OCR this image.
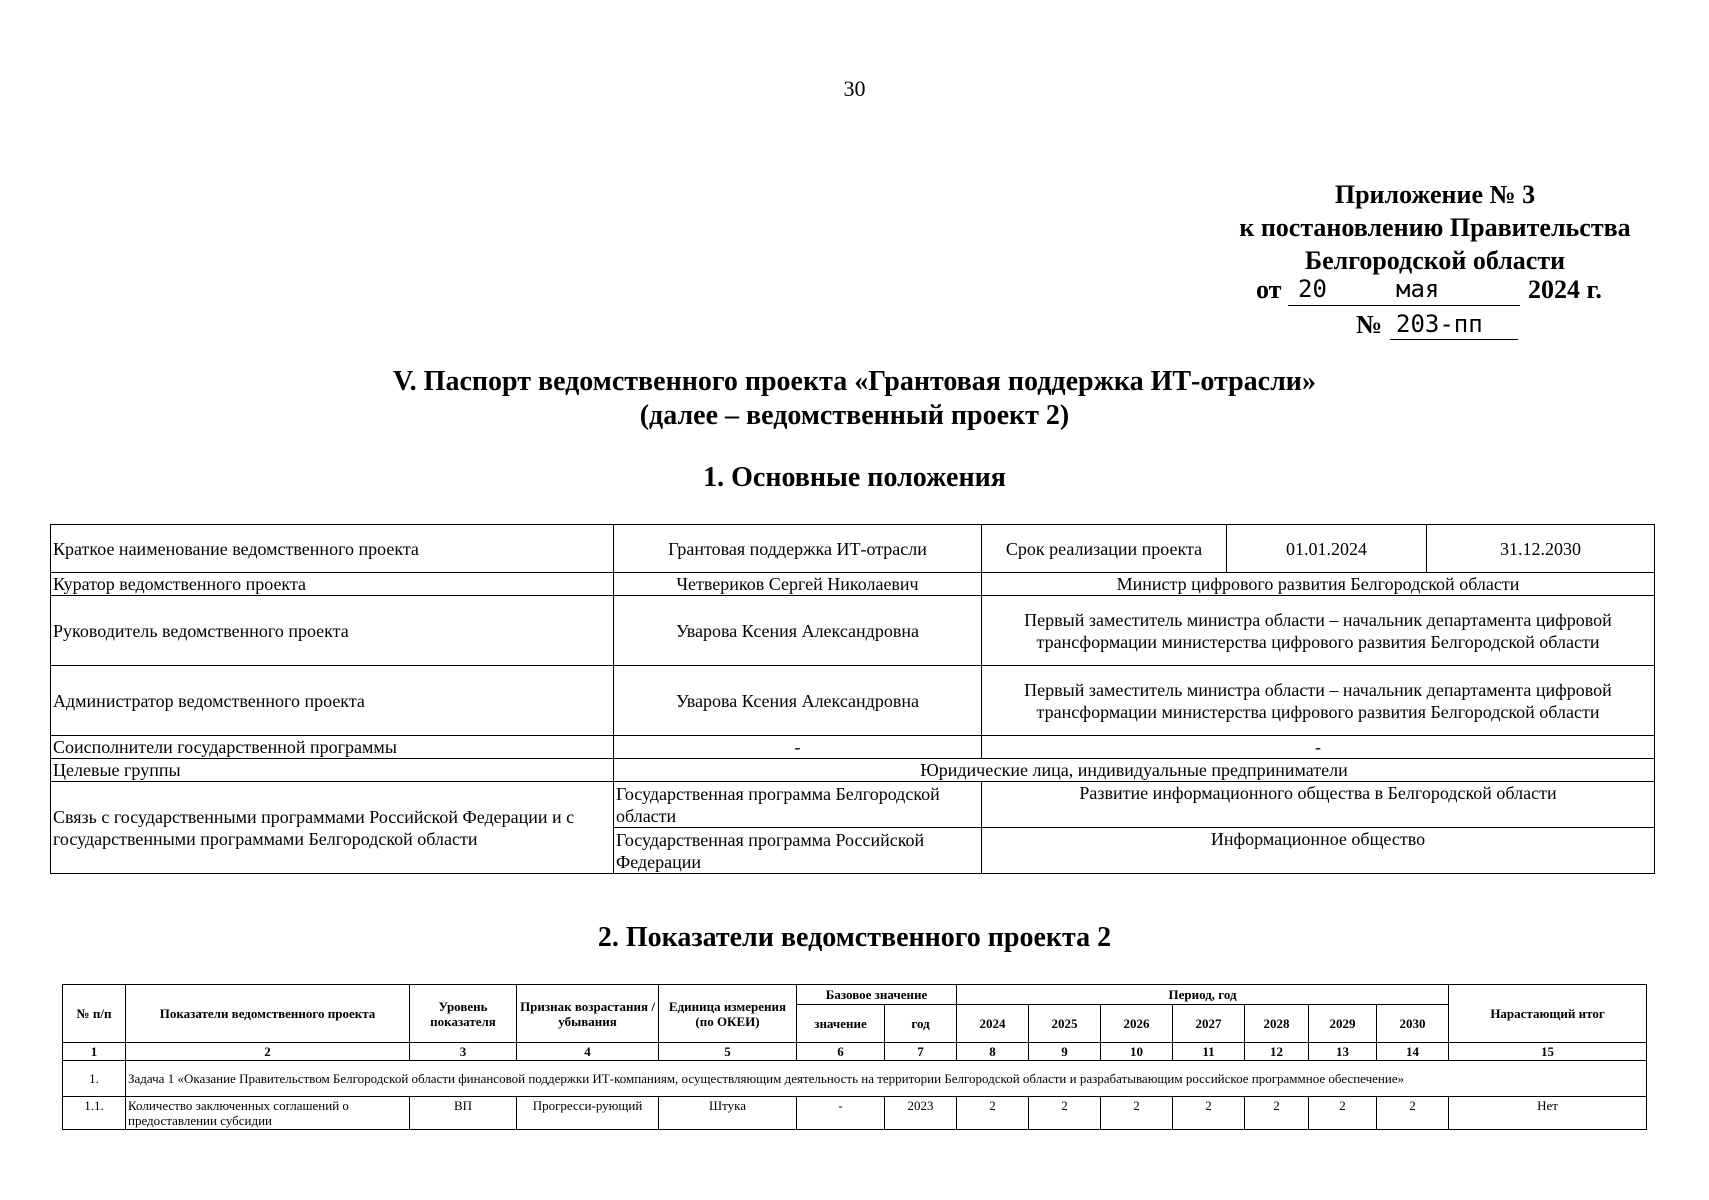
30
Приложение № 3
к постановлению Правительства
Белгородской области
от 20	мая	2024 г.
№ 203-пп
V. Паспорт ведомственного проекта «Грантовая поддержка ИТ-отрасли»
(далее – ведомственный проект 2)
1. Основные положения
Краткое наименование ведомственного проекта	Грантовая поддержка ИТ-отрасли	Срок реализации проекта	01.01.2024	31.12.2030
Куратор ведомственного проекта	Четвериков Сергей Николаевич	Министр цифрового развития Белгородской области		
Руководитель ведомственного проекта	Уварова Ксения Александровна	Первый заместитель министра области – начальник департамента цифровой трансформации министерства цифрового развития Белгородской области		
Администратор ведомственного проекта	Уварова Ксения Александровна	Первый заместитель министра области – начальник департамента цифровой трансформации министерства цифрового развития Белгородской области		
Соисполнители государственной программы	-	-		
Целевые группы	Юридические лица, индивидуальные предприниматели			
Связь с государственными программами Российской Федерации и с государственными программами Белгородской области	Государственная программа Белгородской области	Развитие информационного общества в Белгородской области		
	Государственная программа Российской Федерации	Информационное общество		
2. Показатели ведомственного проекта 2
№ п/п	Показатели ведомственного проекта	Уровень показателя	Признак возрастания / убывания	Единица измерения (по ОКЕИ)	Базовое значение		Период, год							Нарастающий итог
					значение	год	2024	2025	2026	2027	2028	2029	2030	
1	2	3	4	5	6	7	8	9	10	11	12	13	14	15
1.	Задача 1 «Оказание Правительством Белгородской области финансовой поддержки ИТ-компаниям, осуществляющим деятельность на территории Белгородской области и разрабатывающим российское программное обеспечение»													
1.1.	Количество заключенных соглашений о предоставлении субсидии	ВП	Прогресси-рующий	Штука	-	2023	2	2	2	2	2	2	2	Нет
